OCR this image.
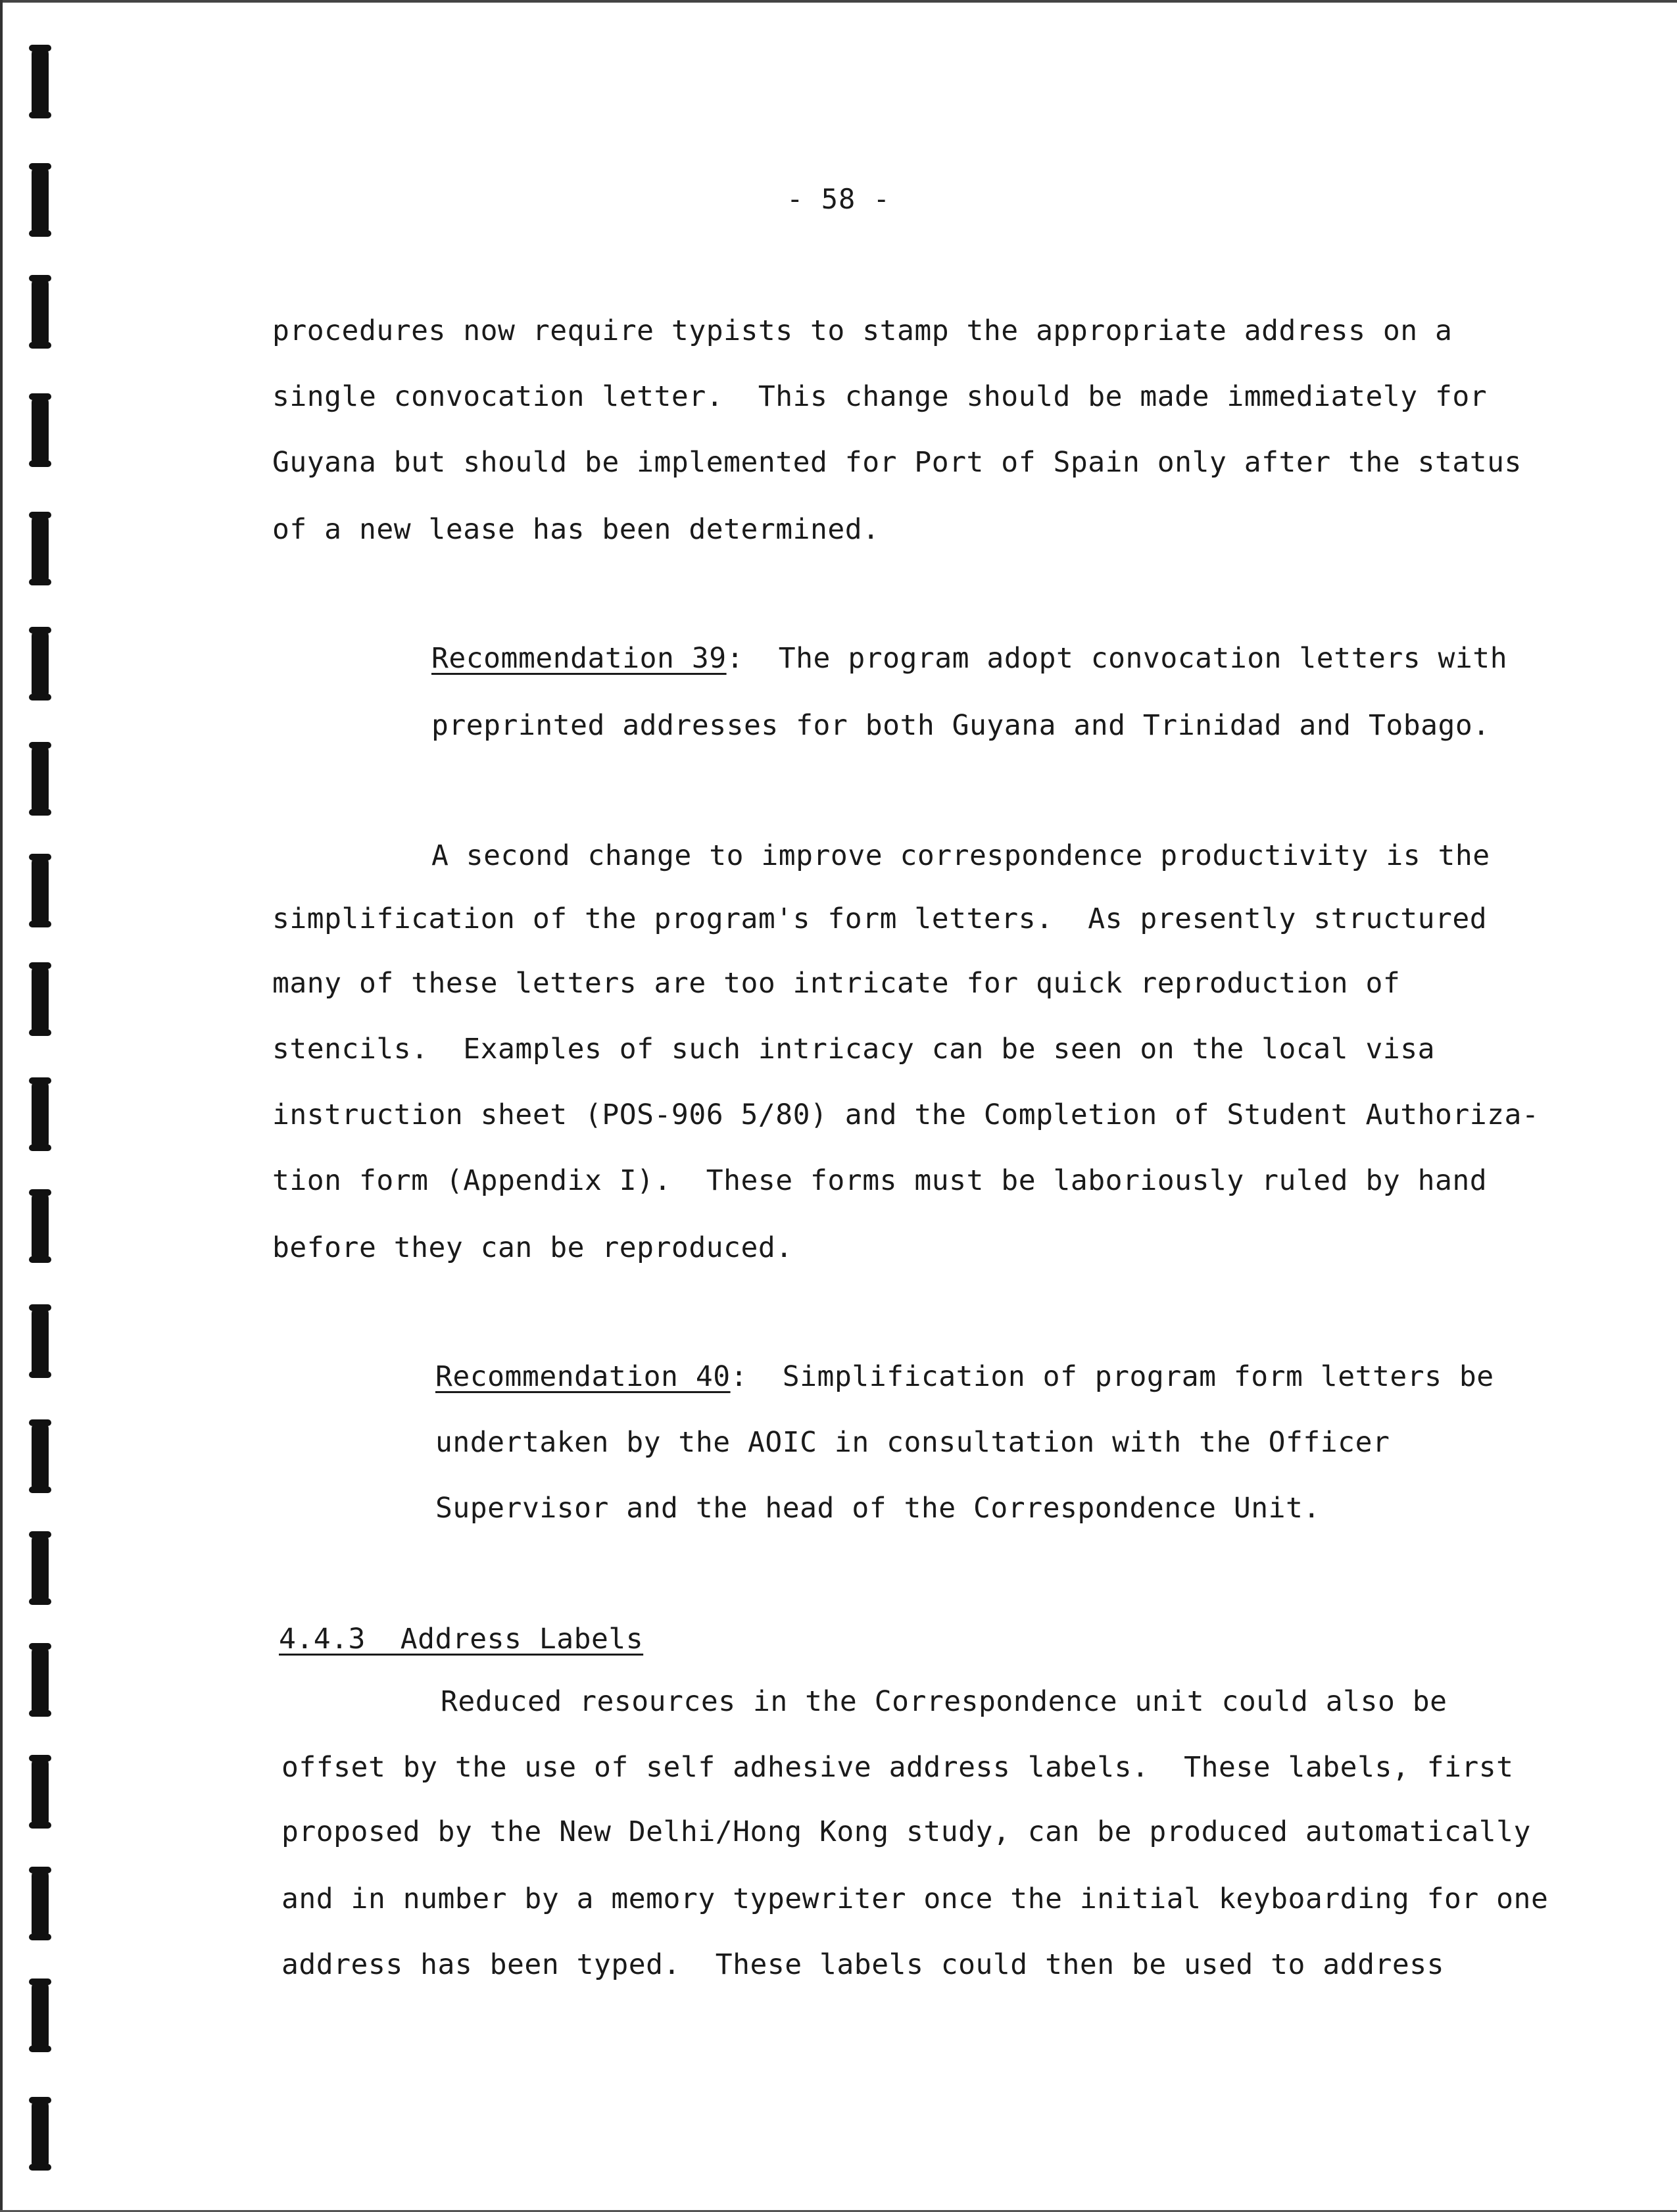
- 58 -
procedures now require typists to stamp the appropriate address on a
single convocation letter.  This change should be made immediately for
Guyana but should be implemented for Port of Spain only after the status
of a new lease has been determined.
Recommendation 39:  The program adopt convocation letters with
preprinted addresses for both Guyana and Trinidad and Tobago.
A second change to improve correspondence productivity is the
simplification of the program's form letters.  As presently structured
many of these letters are too intricate for quick reproduction of
stencils.  Examples of such intricacy can be seen on the local visa
instruction sheet (POS-906 5/80) and the Completion of Student Authoriza-
tion form (Appendix I).  These forms must be laboriously ruled by hand
before they can be reproduced.
Recommendation 40:  Simplification of program form letters be
undertaken by the AOIC in consultation with the Officer
Supervisor and the head of the Correspondence Unit.
4.4.3  Address Labels
Reduced resources in the Correspondence unit could also be
offset by the use of self adhesive address labels.  These labels, first
proposed by the New Delhi/Hong Kong study, can be produced automatically
and in number by a memory typewriter once the initial keyboarding for one
address has been typed.  These labels could then be used to address
